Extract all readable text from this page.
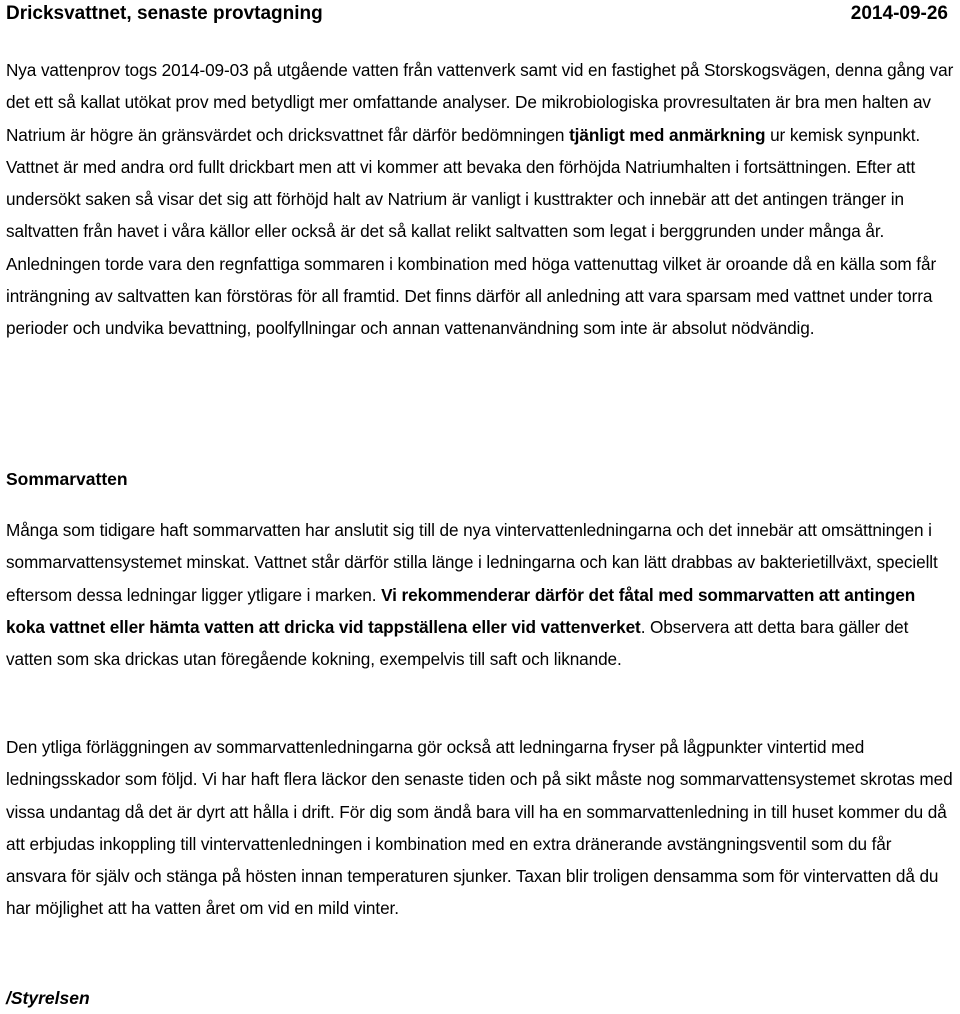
Dricksvattnet, senaste provtagning	2014-09-26

Nya vattenprov togs 2014-09-03 på utgående vatten från vattenverk samt vid en fastighet på Storskogsvägen, denna gång var det ett så kallat utökat prov med betydligt mer omfattande analyser. De mikrobiologiska provresultaten är bra men halten av Natrium är högre än gränsvärdet och dricksvattnet får därför bedömningen tjänligt med anmärkning ur kemisk synpunkt. Vattnet är med andra ord fullt drickbart men att vi kommer att bevaka den förhöjda Natriumhalten i fortsättningen. Efter att undersökt saken så visar det sig att förhöjd halt av Natrium är vanligt i kusttrakter och innebär att det antingen tränger in saltvatten från havet i våra källor eller också är det så kallat relikt saltvatten som legat i berggrunden under många år. Anledningen torde vara den regnfattiga sommaren i kombination med höga vattenuttag vilket är oroande då en källa som får inträngning av saltvatten kan förstöras för all framtid. Det finns därför all anledning att vara sparsam med vattnet under torra perioder och undvika bevattning, poolfyllningar och annan vattenanvändning som inte är absolut nödvändig.

Sommarvatten

Många som tidigare haft sommarvatten har anslutit sig till de nya vintervattenledningarna och det innebär att omsättningen i sommarvattensystemet minskat. Vattnet står därför stilla länge i ledningarna och kan lätt drabbas av bakterietillväxt, speciellt eftersom dessa ledningar ligger ytligare i marken. Vi rekommenderar därför det fåtal med sommarvatten att antingen koka vattnet eller hämta vatten att dricka vid tappställena eller vid vattenverket. Observera att detta bara gäller det vatten som ska drickas utan föregående kokning, exempelvis till saft och liknande.

Den ytliga förläggningen av sommarvattenledningarna gör också att ledningarna fryser på lågpunkter vintertid med ledningsskador som följd. Vi har haft flera läckor den senaste tiden och på sikt måste nog sommarvattensystemet skrotas med vissa undantag då det är dyrt att hålla i drift. För dig som ändå bara vill ha en sommarvattenledning in till huset kommer du då att erbjudas inkoppling till vintervattenledningen i kombination med en extra dränerande avstängningsventil som du får ansvara för själv och stänga på hösten innan temperaturen sjunker. Taxan blir troligen densamma som för vintervatten då du har möjlighet att ha vatten året om vid en mild vinter.

/Styrelsen
